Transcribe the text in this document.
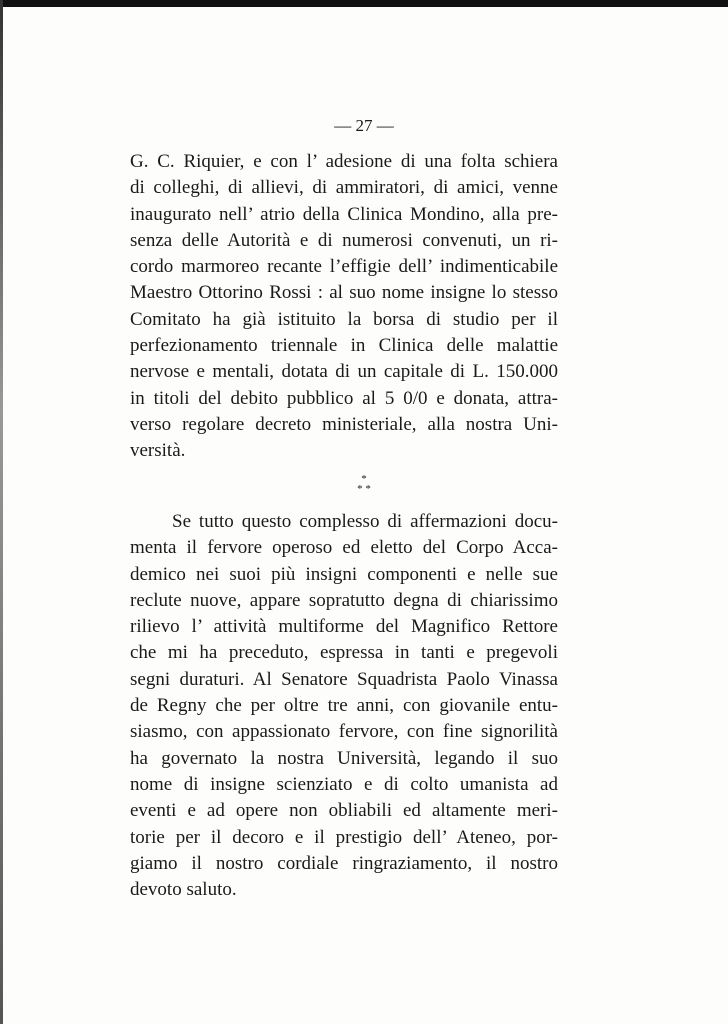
— 27 —
G. C. Riquier, e con l’ adesione di una folta schiera
di colleghi, di allievi, di ammiratori, di amici, venne
inaugurato nell’ atrio della Clinica Mondino, alla pre-
senza delle Autorità e di numerosi convenuti, un ri-
cordo marmoreo recante l’effigie dell’ indimenticabile
Maestro Ottorino Rossi : al suo nome insigne lo stesso
Comitato ha già istituito la borsa di studio per il
perfezionamento triennale in Clinica delle malattie
nervose e mentali, dotata di un capitale di L. 150.000
in titoli del debito pubblico al 5 0/0 e donata, attra-
verso regolare decreto ministeriale, alla nostra Uni-
versità.
*
* *
Se tutto questo complesso di affermazioni docu-
menta il fervore operoso ed eletto del Corpo Acca-
demico nei suoi più insigni componenti e nelle sue
reclute nuove, appare sopratutto degna di chiarissimo
rilievo l’ attività multiforme del Magnifico Rettore
che mi ha preceduto, espressa in tanti e pregevoli
segni duraturi. Al Senatore Squadrista Paolo Vinassa
de Regny che per oltre tre anni, con giovanile entu-
siasmo, con appassionato fervore, con fine signorilità
ha governato la nostra Università, legando il suo
nome di insigne scienziato e di colto umanista ad
eventi e ad opere non obliabili ed altamente meri-
torie per il decoro e il prestigio dell’ Ateneo, por-
giamo il nostro cordiale ringraziamento, il nostro
devoto saluto.
